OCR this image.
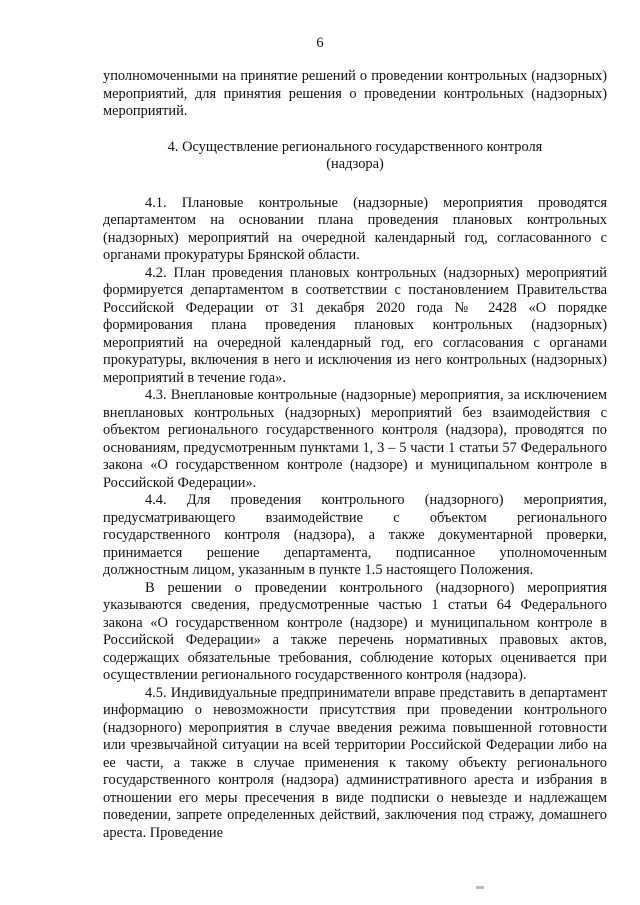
6

уполномоченными на принятие решений о проведении контрольных (надзорных) мероприятий, для принятия решения о проведении контрольных (надзорных) мероприятий.

4. Осуществление регионального государственного контроля (надзора)

4.1. Плановые контрольные (надзорные) мероприятия проводятся департаментом на основании плана проведения плановых контрольных (надзорных) мероприятий на очередной календарный год, согласованного с органами прокуратуры Брянской области.

4.2. План проведения плановых контрольных (надзорных) мероприятий формируется департаментом в соответствии с постановлением Правительства Российской Федерации от 31 декабря 2020 года № 2428 «О порядке формирования плана проведения плановых контрольных (надзорных) мероприятий на очередной календарный год, его согласования с органами прокуратуры, включения в него и исключения из него контрольных (надзорных) мероприятий в течение года».

4.3. Внеплановые контрольные (надзорные) мероприятия, за исключением внеплановых контрольных (надзорных) мероприятий без взаимодействия с объектом регионального государственного контроля (надзора), проводятся по основаниям, предусмотренным пунктами 1, 3 – 5 части 1 статьи 57 Федерального закона «О государственном контроле (надзоре) и муниципальном контроле в Российской Федерации».

4.4. Для проведения контрольного (надзорного) мероприятия, предусматривающего взаимодействие с объектом регионального государственного контроля (надзора), а также документарной проверки, принимается решение департамента, подписанное уполномоченным должностным лицом, указанным в пункте 1.5 настоящего Положения.

В решении о проведении контрольного (надзорного) мероприятия указываются сведения, предусмотренные частью 1 статьи 64 Федерального закона «О государственном контроле (надзоре) и муниципальном контроле в Российской Федерации» а также перечень нормативных правовых актов, содержащих обязательные требования, соблюдение которых оценивается при осуществлении регионального государственного контроля (надзора).

4.5. Индивидуальные предприниматели вправе представить в департамент информацию о невозможности присутствия при проведении контрольного (надзорного) мероприятия в случае введения режима повышенной готовности или чрезвычайной ситуации на всей территории Российской Федерации либо на ее части, а также в случае применения к такому объекту регионального государственного контроля (надзора) административного ареста и избрания в отношении его меры пресечения в виде подписки о невыезде и надлежащем поведении, запрете определенных действий, заключения под стражу, домашнего ареста. Проведение
